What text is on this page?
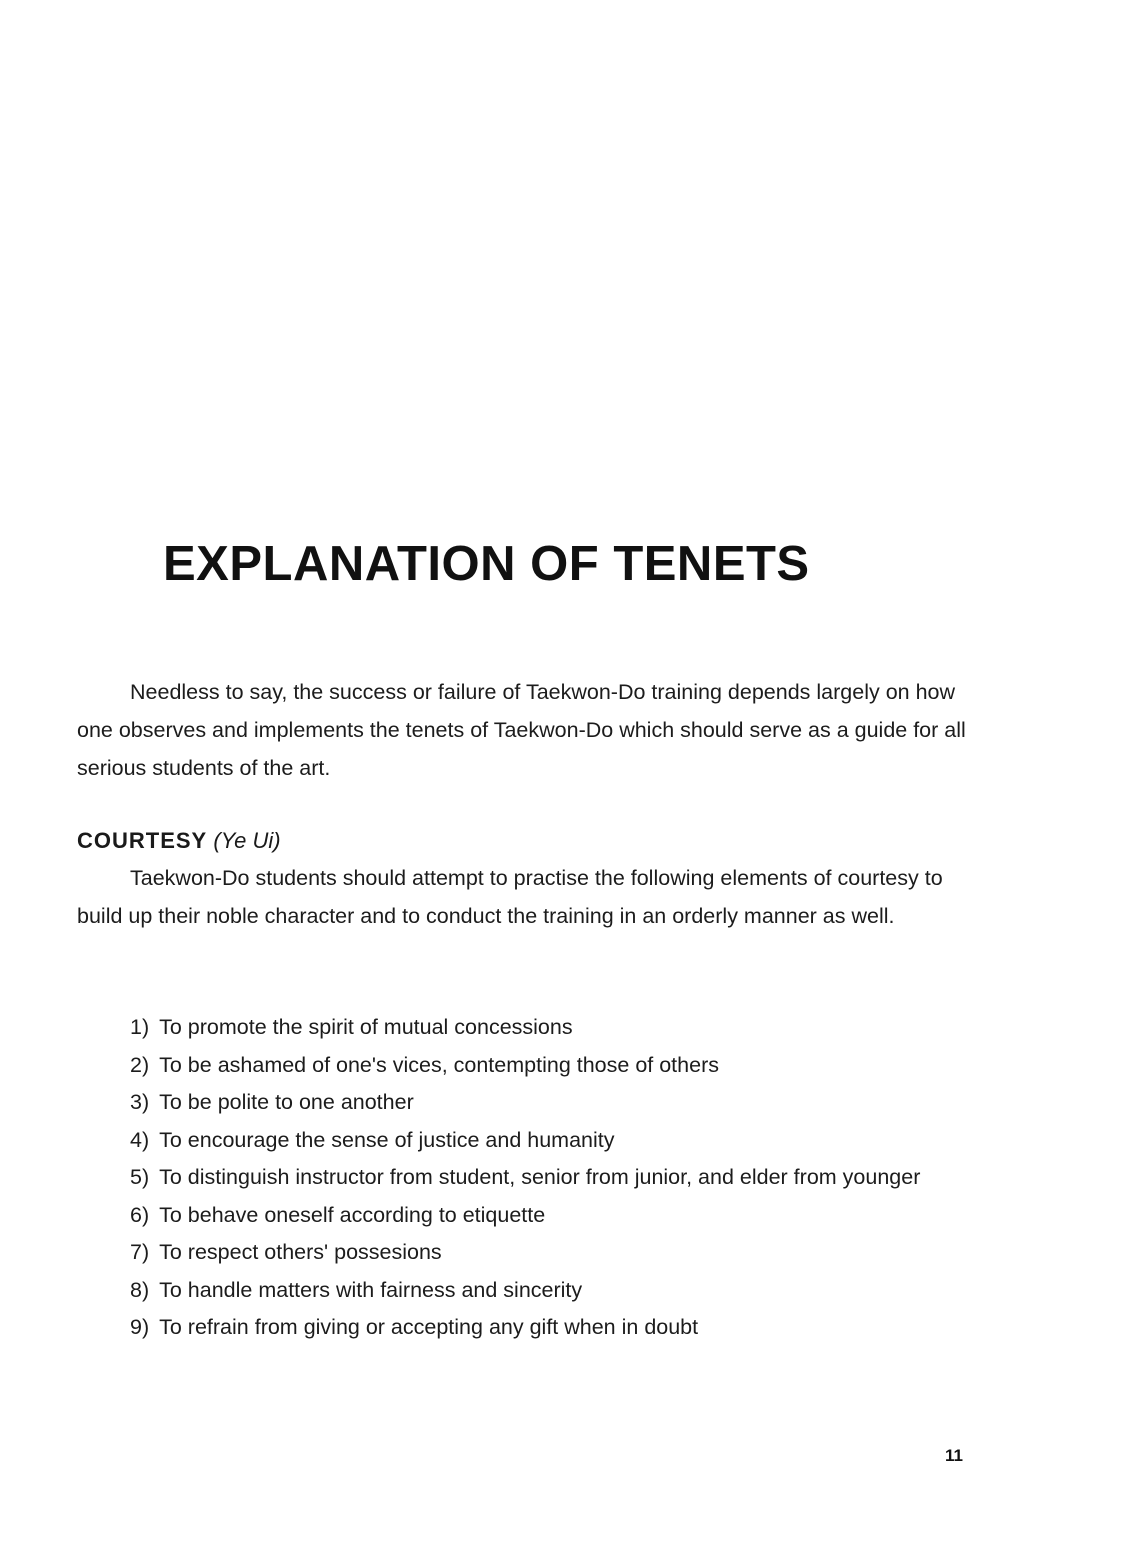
EXPLANATION OF TENETS

Needless to say, the success or failure of Taekwon-Do training depends largely on how one observes and implements the tenets of Taekwon-Do which should serve as a guide for all serious students of the art.

COURTESY (Ye Ui)

Taekwon-Do students should attempt to practise the following elements of courtesy to build up their noble character and to conduct the training in an orderly manner as well.

1) To promote the spirit of mutual concessions
2) To be ashamed of one's vices, contempting those of others
3) To be polite to one another
4) To encourage the sense of justice and humanity
5) To distinguish instructor from student, senior from junior, and elder from younger
6) To behave oneself according to etiquette
7) To respect others' possesions
8) To handle matters with fairness and sincerity
9) To refrain from giving or accepting any gift when in doubt
11
